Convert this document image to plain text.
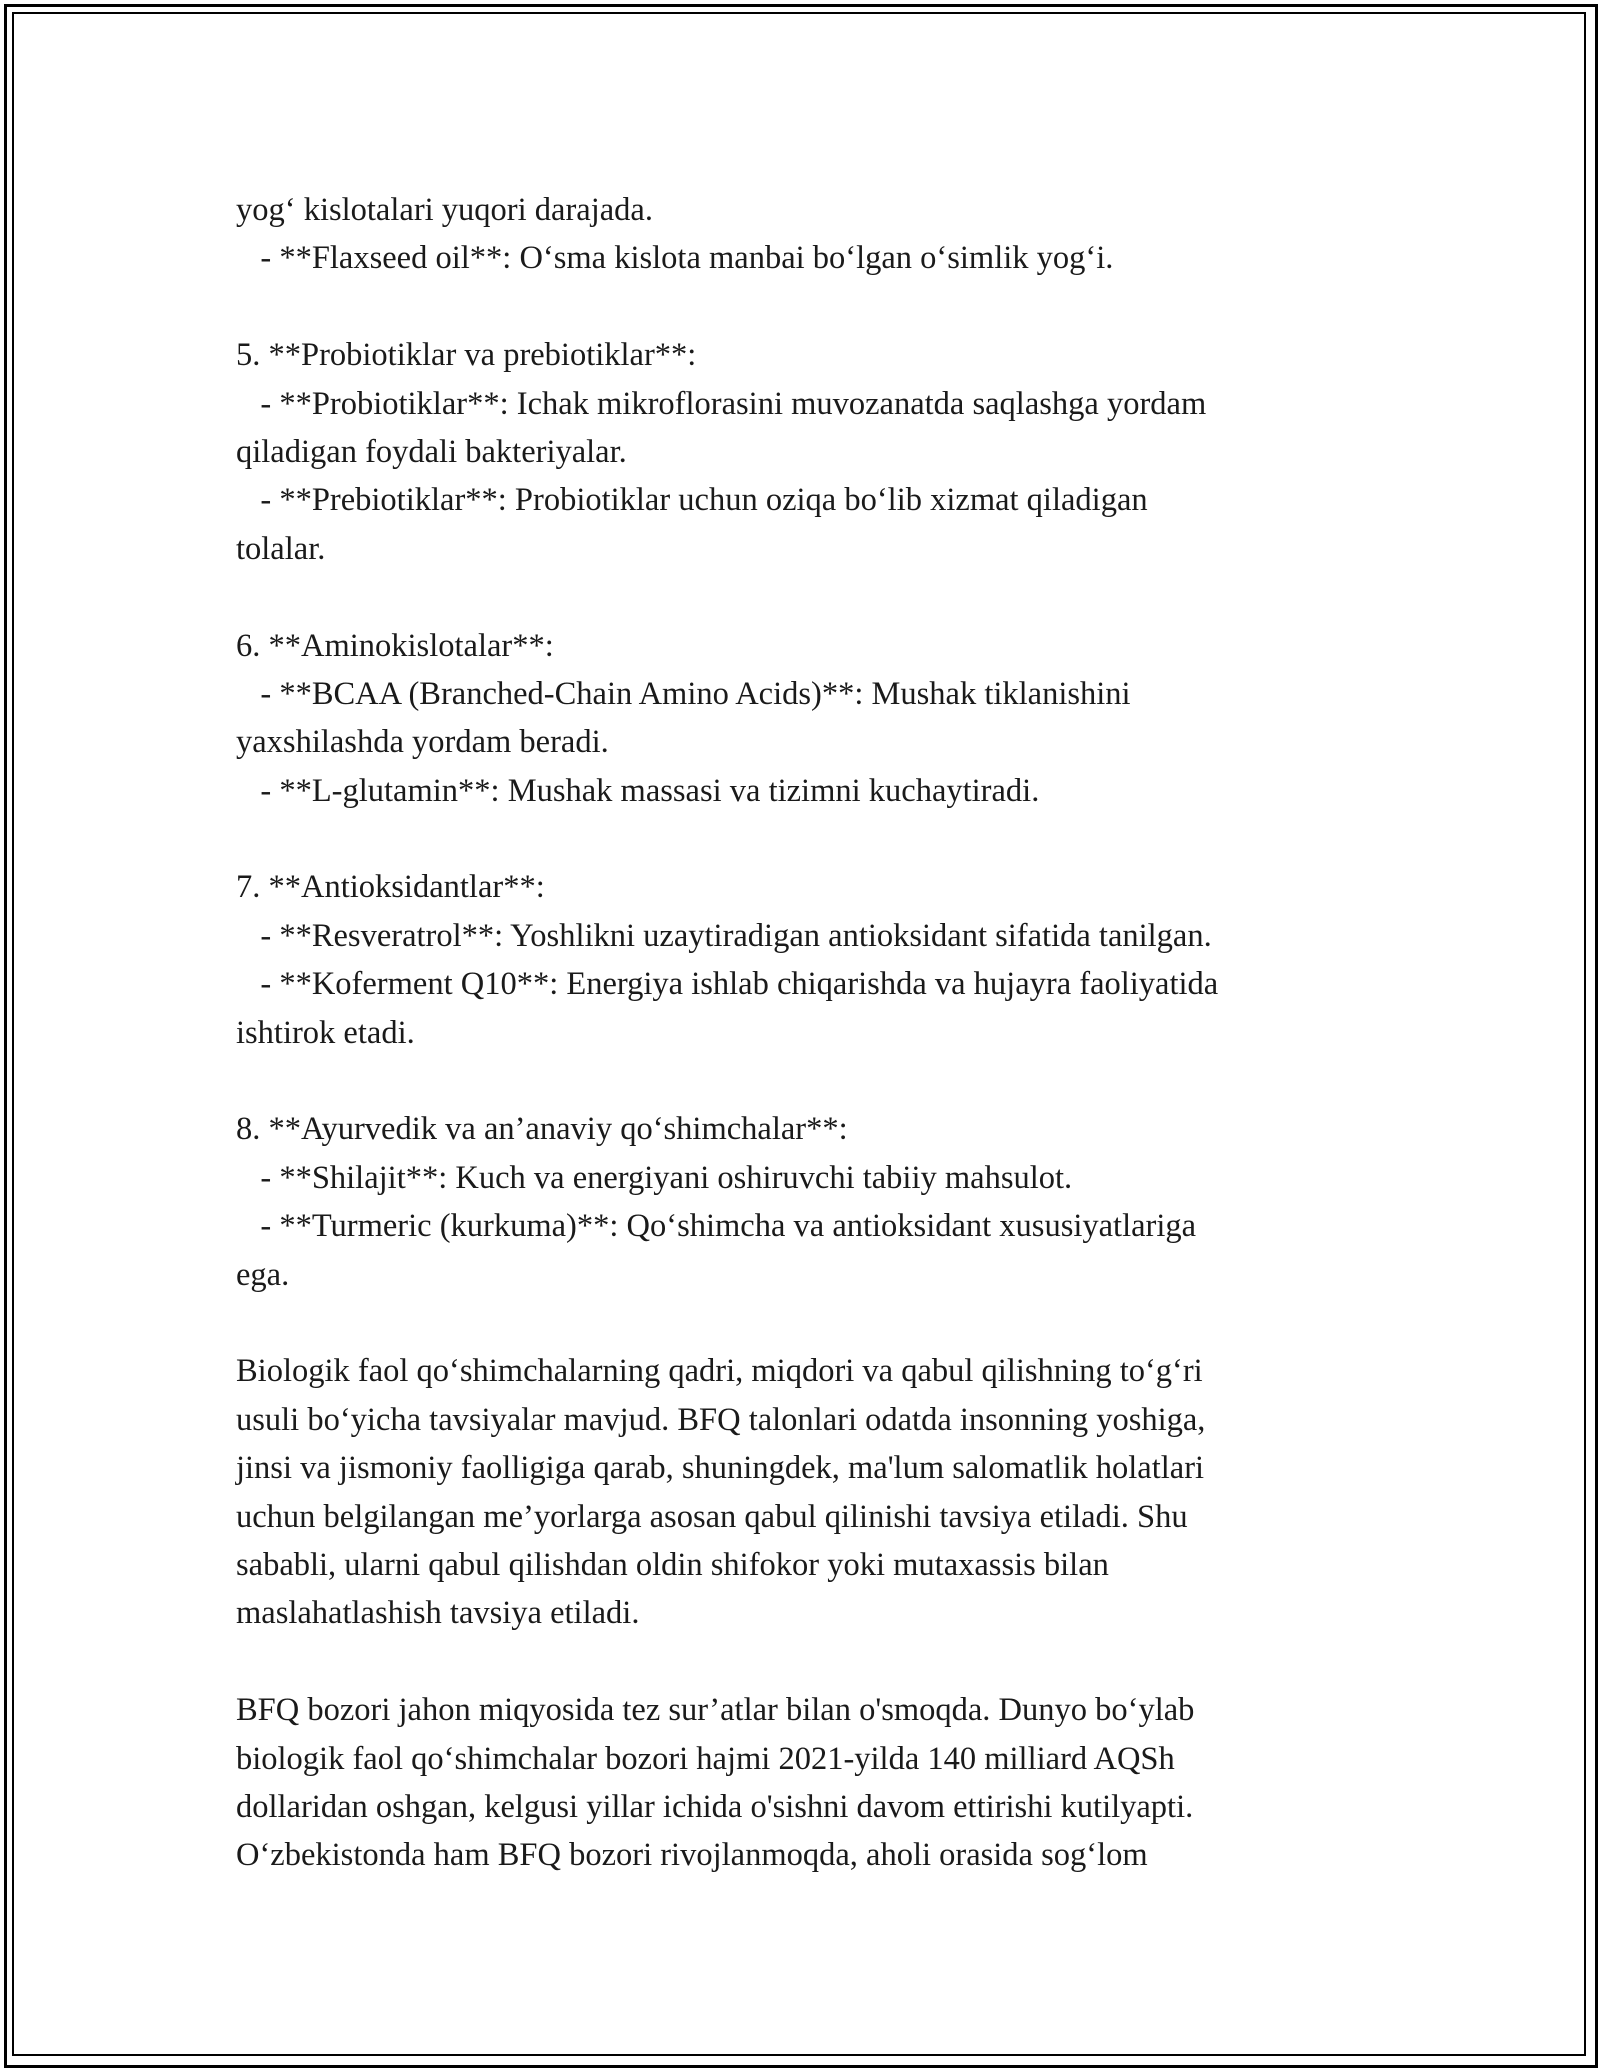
yog‘ kislotalari yuqori darajada.
- **Flaxseed oil**: O‘sma kislota manbai bo‘lgan o‘simlik yog‘i.
5. **Probiotiklar va prebiotiklar**:
- **Probiotiklar**: Ichak mikroflorasini muvozanatda saqlashga yordam
qiladigan foydali bakteriyalar.
- **Prebiotiklar**: Probiotiklar uchun oziqa bo‘lib xizmat qiladigan
tolalar.
6. **Aminokislotalar**:
- **BCAA (Branched-Chain Amino Acids)**: Mushak tiklanishini
yaxshilashda yordam beradi.
- **L-glutamin**: Mushak massasi va tizimni kuchaytiradi.
7. **Antioksidantlar**:
- **Resveratrol**: Yoshlikni uzaytiradigan antioksidant sifatida tanilgan.
- **Koferment Q10**: Energiya ishlab chiqarishda va hujayra faoliyatida
ishtirok etadi.
8. **Ayurvedik va an’anaviy qo‘shimchalar**:
- **Shilajit**: Kuch va energiyani oshiruvchi tabiiy mahsulot.
- **Turmeric (kurkuma)**: Qo‘shimcha va antioksidant xususiyatlariga
ega.
Biologik faol qo‘shimchalarning qadri, miqdori va qabul qilishning to‘g‘ri
usuli bo‘yicha tavsiyalar mavjud. BFQ talonlari odatda insonning yoshiga,
jinsi va jismoniy faolligiga qarab, shuningdek, ma'lum salomatlik holatlari
uchun belgilangan me’yorlarga asosan qabul qilinishi tavsiya etiladi. Shu
sababli, ularni qabul qilishdan oldin shifokor yoki mutaxassis bilan
maslahatlashish tavsiya etiladi.
BFQ bozori jahon miqyosida tez sur’atlar bilan o'smoqda. Dunyo bo‘ylab
biologik faol qo‘shimchalar bozori hajmi 2021-yilda 140 milliard AQSh
dollaridan oshgan, kelgusi yillar ichida o'sishni davom ettirishi kutilyapti.
O‘zbekistonda ham BFQ bozori rivojlanmoqda, aholi orasida sog‘lom
